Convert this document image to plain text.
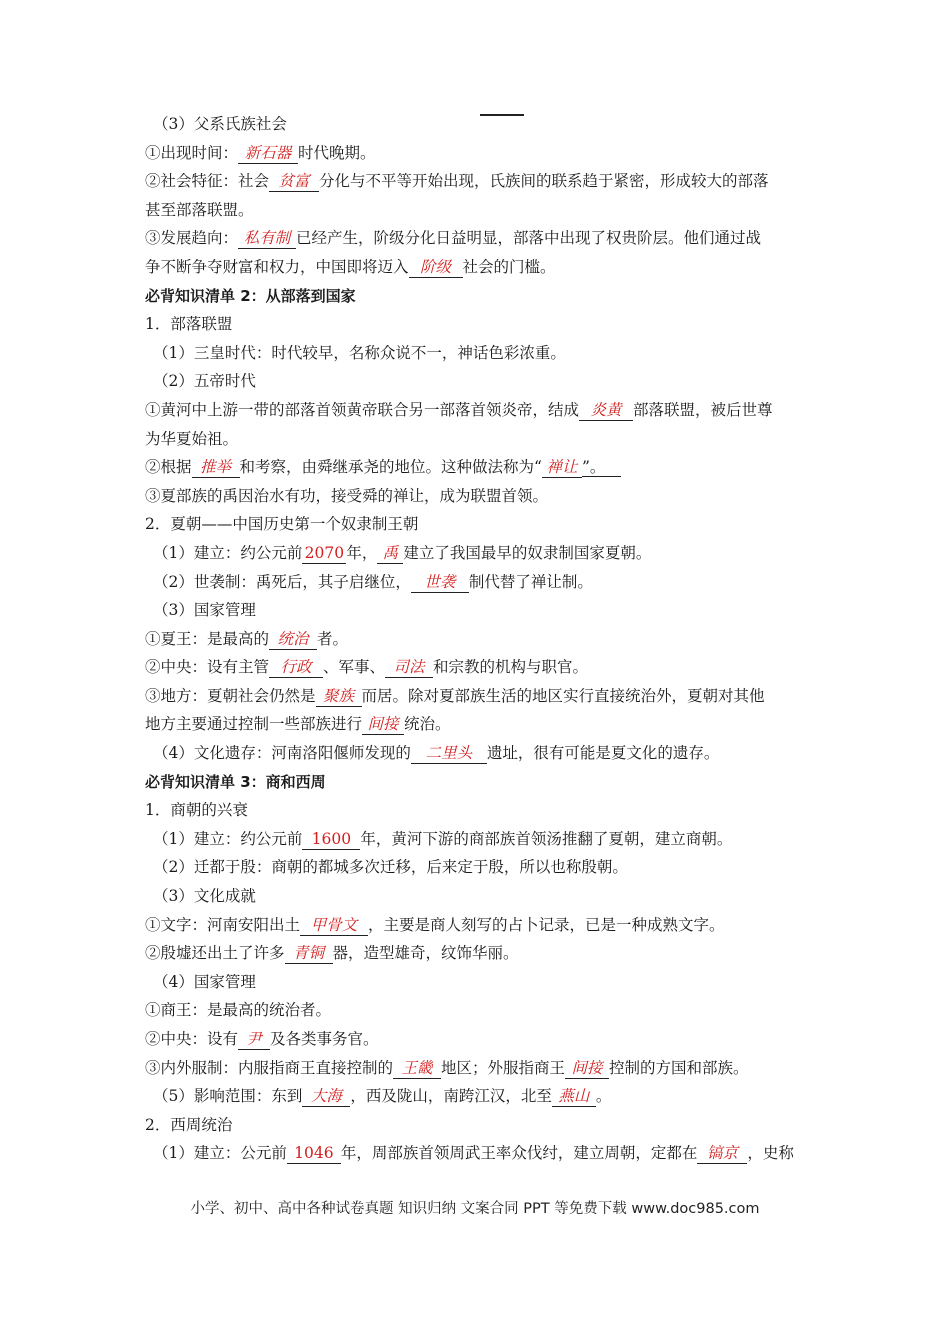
（3）父系氏族社会
①出现时间： 新石器 时代晚期。
②社会特征：社会 贫富 分化与不平等开始出现，氏族间的联系趋于紧密，形成较大的部落
甚至部落联盟。
③发展趋向： 私有制 已经产生，阶级分化日益明显，部落中出现了权贵阶层。他们通过战
争不断争夺财富和权力，中国即将迈入 阶级 社会的门槛。
必背知识清单 2：从部落到国家
1．部落联盟
（1）三皇时代：时代较早，名称众说不一，神话色彩浓重。
（2）五帝时代
①黄河中上游一带的部落首领黄帝联合另一部落首领炎帝，结成 炎黄 部落联盟，被后世尊
为华夏始祖。
②根据 推举 和考察，由舜继承尧的地位。这种做法称为“ 禅让 ”。
③夏部族的禹因治水有功，接受舜的禅让，成为联盟首领。
2．夏朝——中国历史第一个奴隶制王朝
（1）建立：约公元前 2070 年， 禹 建立了我国最早的奴隶制国家夏朝。
（2）世袭制：禹死后，其子启继位， 世袭 制代替了禅让制。
（3）国家管理
①夏王：是最高的 统治 者。
②中央：设有主管 行政 、军事、 司法 和宗教的机构与职官。
③地方：夏朝社会仍然是 聚族 而居。除对夏部族生活的地区实行直接统治外，夏朝对其他
地方主要通过控制一些部族进行 间接 统治。
（4）文化遗存：河南洛阳偃师发现的 二里头 遗址，很有可能是夏文化的遗存。
必背知识清单 3：商和西周
1．商朝的兴衰
（1）建立：约公元前 1600 年，黄河下游的商部族首领汤推翻了夏朝，建立商朝。
（2）迁都于殷：商朝的都城多次迁移，后来定于殷，所以也称殷朝。
（3）文化成就
①文字：河南安阳出土 甲骨文 ，主要是商人刻写的占卜记录，已是一种成熟文字。
②殷墟还出土了许多 青铜 器，造型雄奇，纹饰华丽。
（4）国家管理
①商王：是最高的统治者。
②中央：设有 尹 及各类事务官。
③内外服制：内服指商王直接控制的 王畿 地区；外服指商王 间接 控制的方国和部族。
（5）影响范围：东到 大海 ，西及陇山，南跨江汉，北至 燕山 。
2．西周统治
（1）建立：公元前 1046 年，周部族首领周武王率众伐纣，建立周朝，定都在 镐京 ，史称
小学、初中、高中各种试卷真题 知识归纳 文案合同 PPT 等免费下载 www.doc985.com
